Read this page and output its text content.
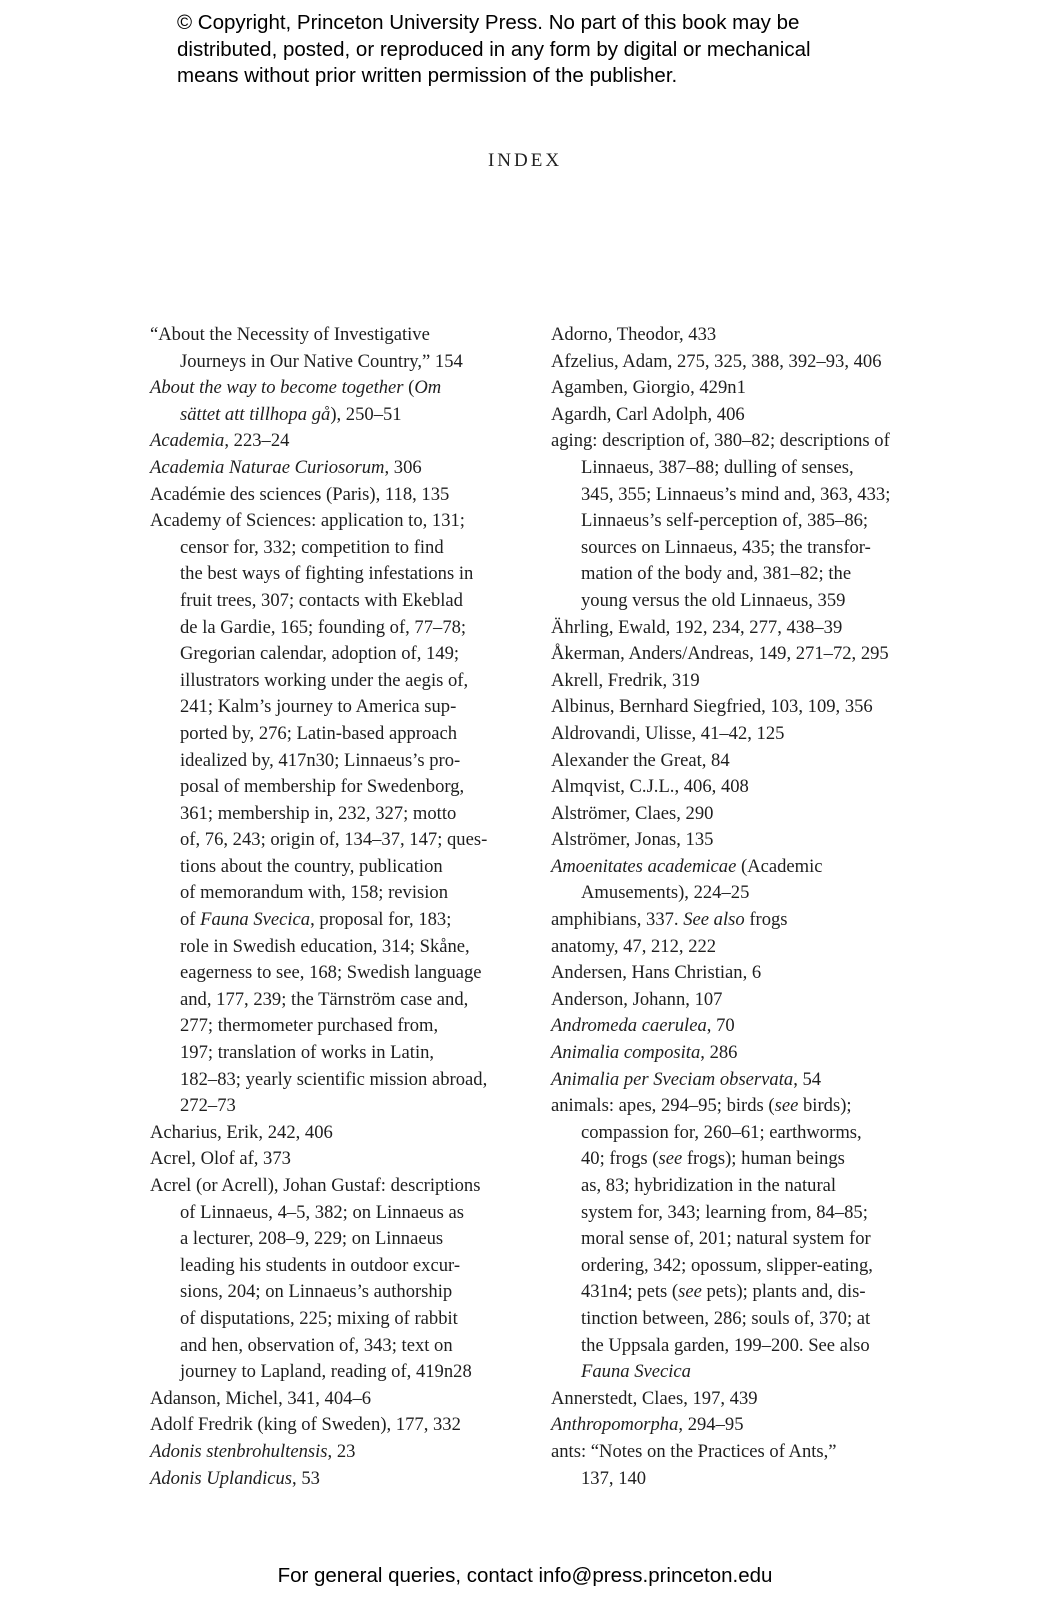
© Copyright, Princeton University Press. No part of this book may be
distributed, posted, or reproduced in any form by digital or mechanical
means without prior written permission of the publisher.
INDEX
“About the Necessity of Investigative
Journeys in Our Native Country,” 154
About the way to become together (Om
sättet att tillhopa gå), 250–51
Academia, 223–24
Academia Naturae Curiosorum, 306
Académie des sciences (Paris), 118, 135
Academy of Sciences: application to, 131;
censor for, 332; competition to find
the best ways of fighting infestations in
fruit trees, 307; contacts with Ekeblad
de la Gardie, 165; founding of, 77–78;
Gregorian calendar, adoption of, 149;
illustrators working under the aegis of,
241; Kalm’s journey to America sup-
ported by, 276; Latin-based approach
idealized by, 417n30; Linnaeus’s pro-
posal of membership for Swedenborg,
361; membership in, 232, 327; motto
of, 76, 243; origin of, 134–37, 147; ques-
tions about the country, publication
of memorandum with, 158; revision
of Fauna Svecica, proposal for, 183;
role in Swedish education, 314; Skåne,
eagerness to see, 168; Swedish language
and, 177, 239; the Tärnström case and,
277; thermometer purchased from,
197; translation of works in Latin,
182–83; yearly scientific mission abroad,
272–73
Acharius, Erik, 242, 406
Acrel, Olof af, 373
Acrel (or Acrell), Johan Gustaf: descriptions
of Linnaeus, 4–5, 382; on Linnaeus as
a lecturer, 208–9, 229; on Linnaeus
leading his students in outdoor excur-
sions, 204; on Linnaeus’s authorship
of disputations, 225; mixing of rabbit
and hen, observation of, 343; text on
journey to Lapland, reading of, 419n28
Adanson, Michel, 341, 404–6
Adolf Fredrik (king of Sweden), 177, 332
Adonis stenbrohultensis, 23
Adonis Uplandicus, 53
Adorno, Theodor, 433
Afzelius, Adam, 275, 325, 388, 392–93, 406
Agamben, Giorgio, 429n1
Agardh, Carl Adolph, 406
aging: description of, 380–82; descriptions of
Linnaeus, 387–88; dulling of senses,
345, 355; Linnaeus’s mind and, 363, 433;
Linnaeus’s self-perception of, 385–86;
sources on Linnaeus, 435; the transfor-
mation of the body and, 381–82; the
young versus the old Linnaeus, 359
Ährling, Ewald, 192, 234, 277, 438–39
Åkerman, Anders/Andreas, 149, 271–72, 295
Akrell, Fredrik, 319
Albinus, Bernhard Siegfried, 103, 109, 356
Aldrovandi, Ulisse, 41–42, 125
Alexander the Great, 84
Almqvist, C.J.L., 406, 408
Alströmer, Claes, 290
Alströmer, Jonas, 135
Amoenitates academicae (Academic
Amusements), 224–25
amphibians, 337. See also frogs
anatomy, 47, 212, 222
Andersen, Hans Christian, 6
Anderson, Johann, 107
Andromeda caerulea, 70
Animalia composita, 286
Animalia per Sveciam observata, 54
animals: apes, 294–95; birds (see birds);
compassion for, 260–61; earthworms,
40; frogs (see frogs); human beings
as, 83; hybridization in the natural
system for, 343; learning from, 84–85;
moral sense of, 201; natural system for
ordering, 342; opossum, slipper-eating,
431n4; pets (see pets); plants and, dis-
tinction between, 286; souls of, 370; at
the Uppsala garden, 199–200. See also
Fauna Svecica
Annerstedt, Claes, 197, 439
Anthropomorpha, 294–95
ants: “Notes on the Practices of Ants,”
137, 140
For general queries, contact info@press.princeton.edu
